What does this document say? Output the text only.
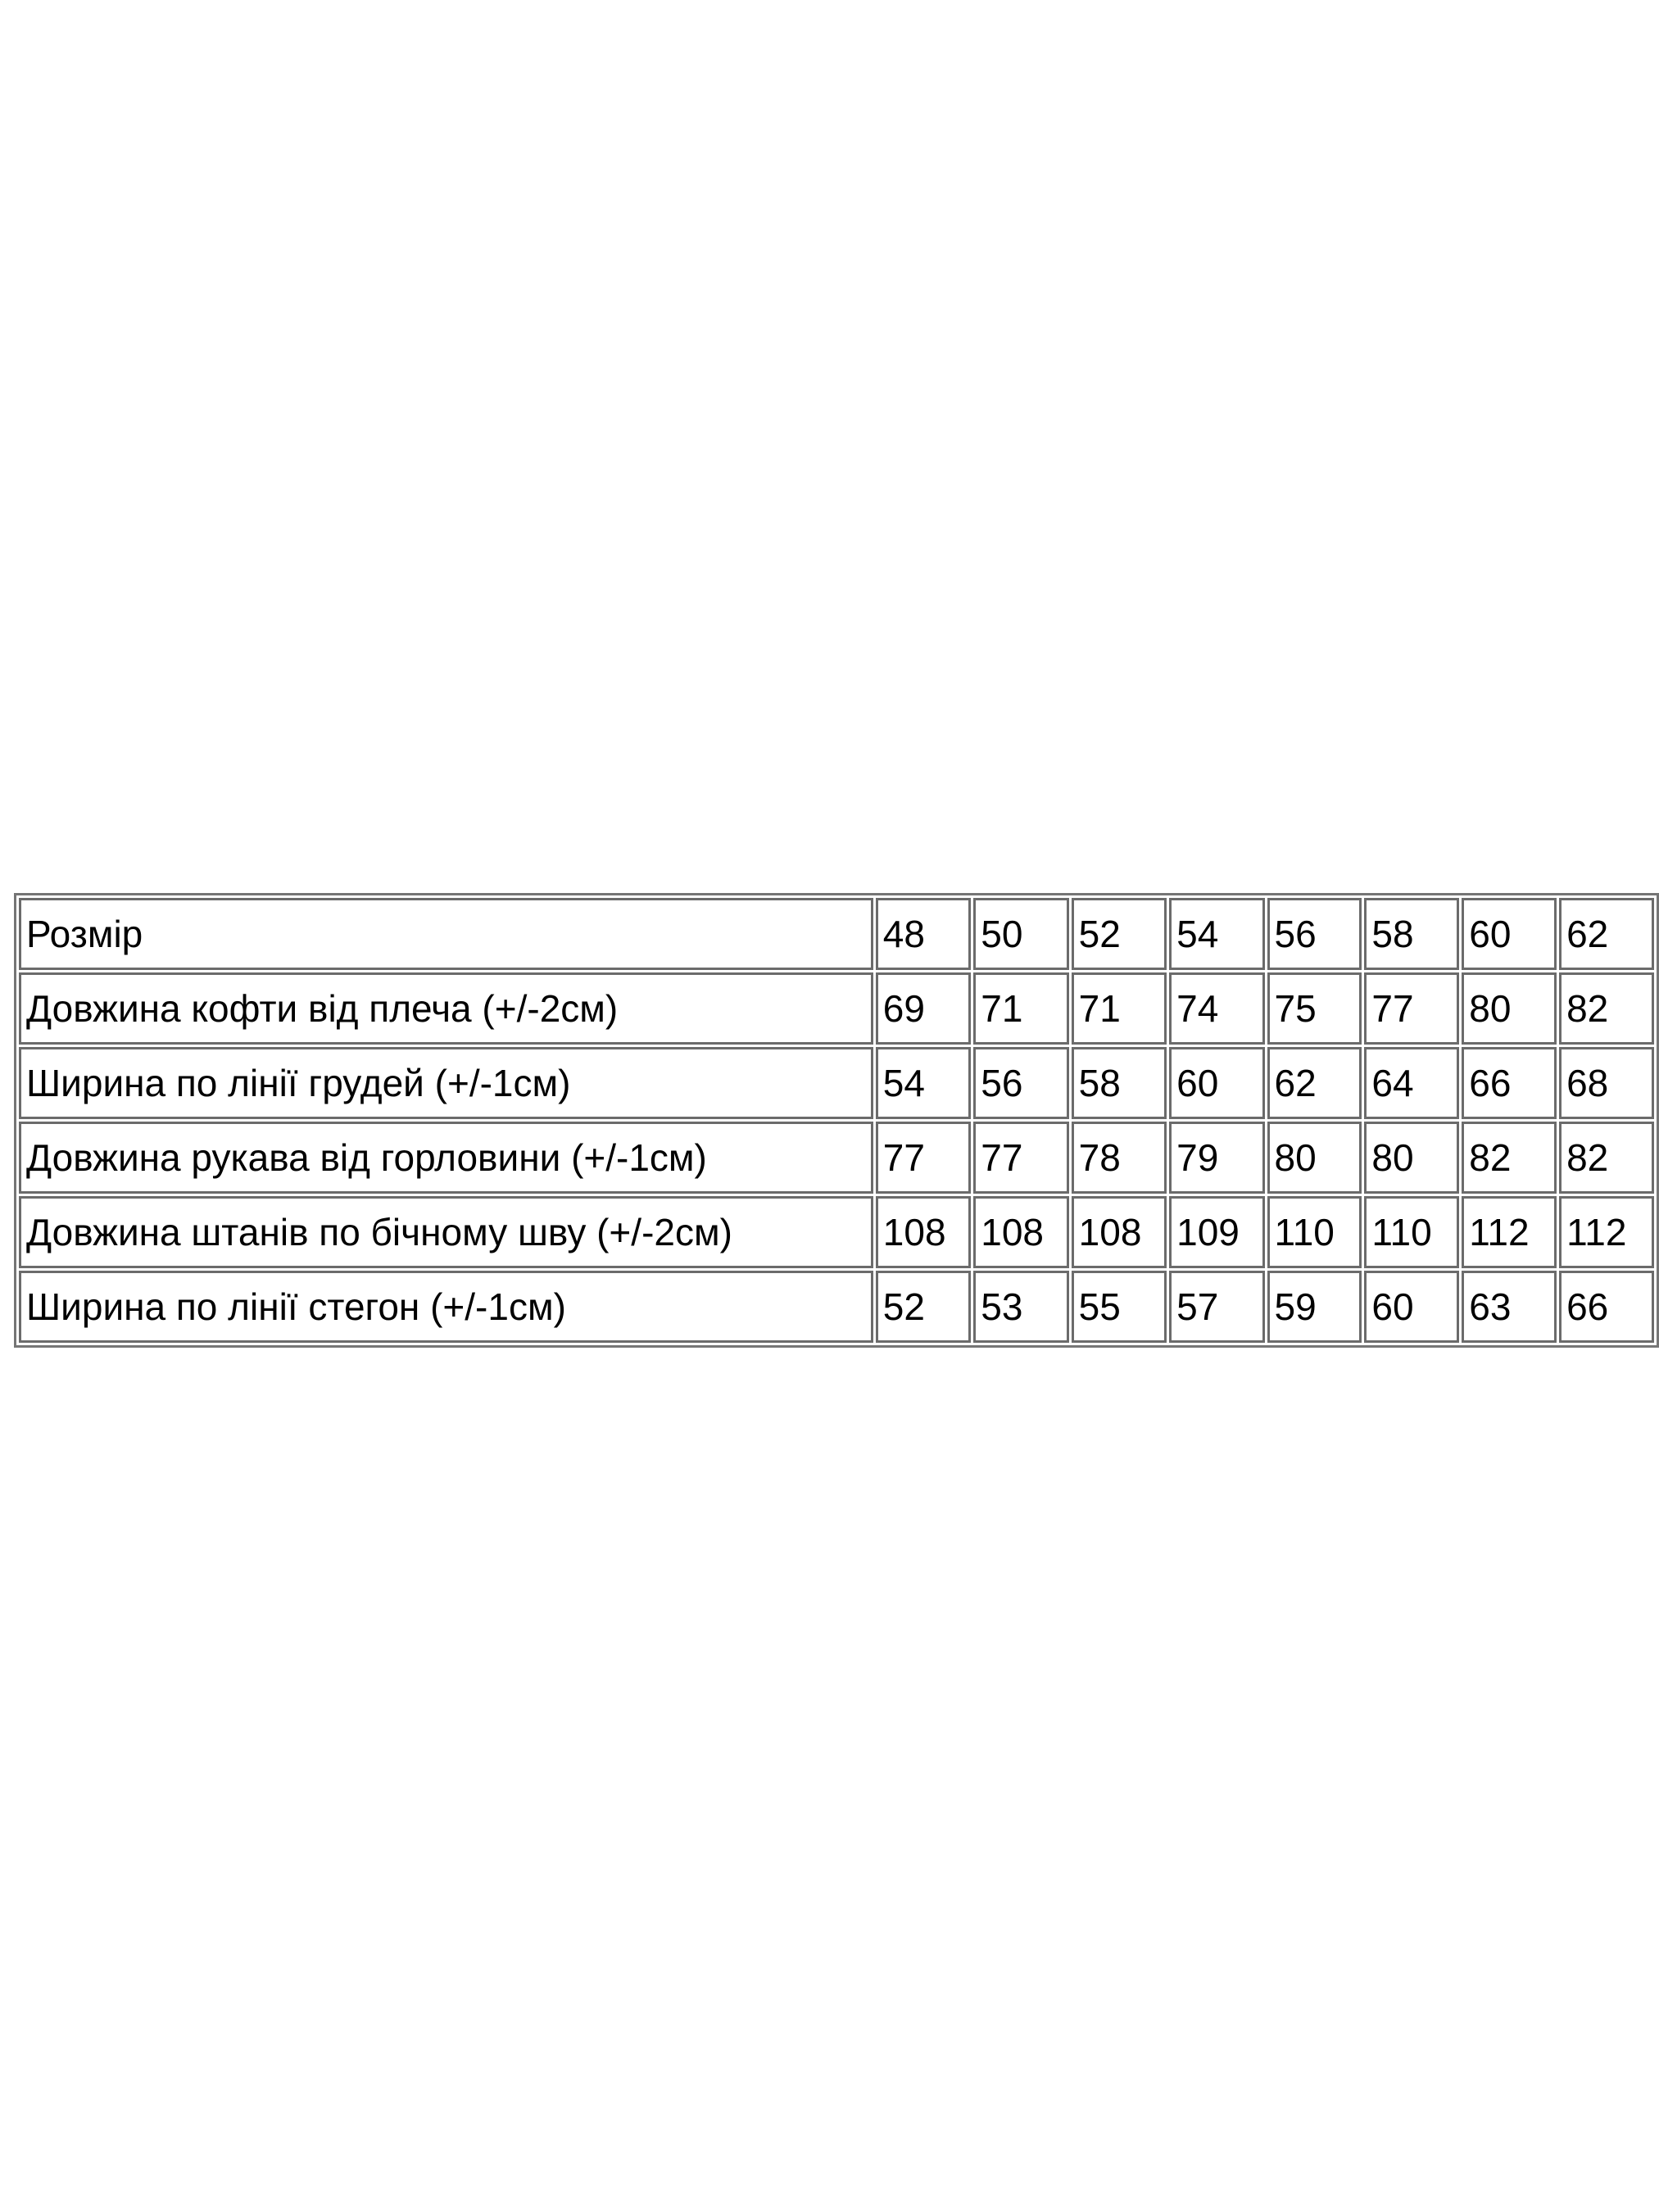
Розмір	48	50	52	54	56	58	60	62
Довжина кофти від плеча (+/-2см)	69	71	71	74	75	77	80	82
Ширина по лінії грудей (+/-1см)	54	56	58	60	62	64	66	68
Довжина рукава від горловини (+/-1см)	77	77	78	79	80	80	82	82
Довжина штанів по бічному шву (+/-2см)	108	108	108	109	110	110	112	112
Ширина по лінії стегон (+/-1см)	52	53	55	57	59	60	63	66
